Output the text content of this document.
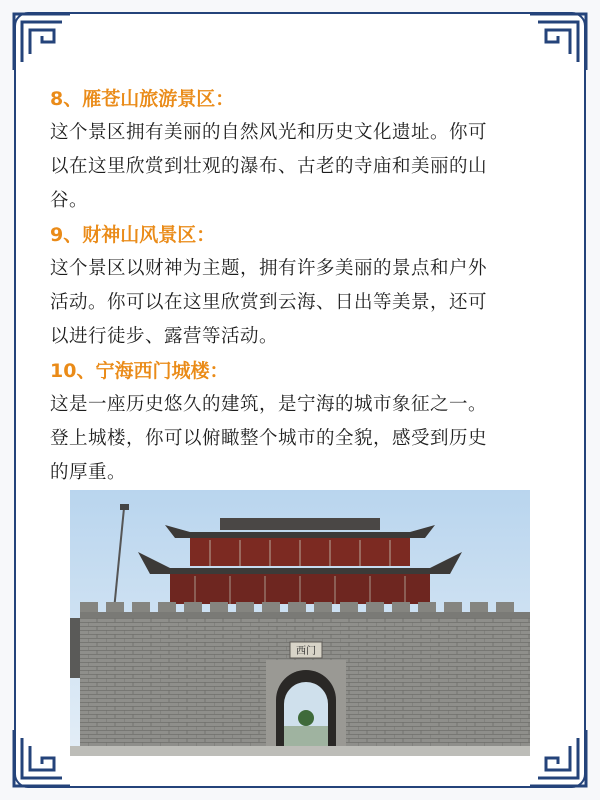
8、雁苍山旅游景区：

这个景区拥有美丽的自然风光和历史文化遗址。你可

以在这里欣赏到壮观的瀑布、古老的寺庙和美丽的山

谷。

9、财神山风景区：

这个景区以财神为主题，拥有许多美丽的景点和户外

活动。你可以在这里欣赏到云海、日出等美景，还可

以进行徒步、露营等活动。

10、宁海西门城楼：

这是一座历史悠久的建筑，是宁海的城市象征之一。

登上城楼，你可以俯瞰整个城市的全貌，感受到历史

的厚重。

西门
